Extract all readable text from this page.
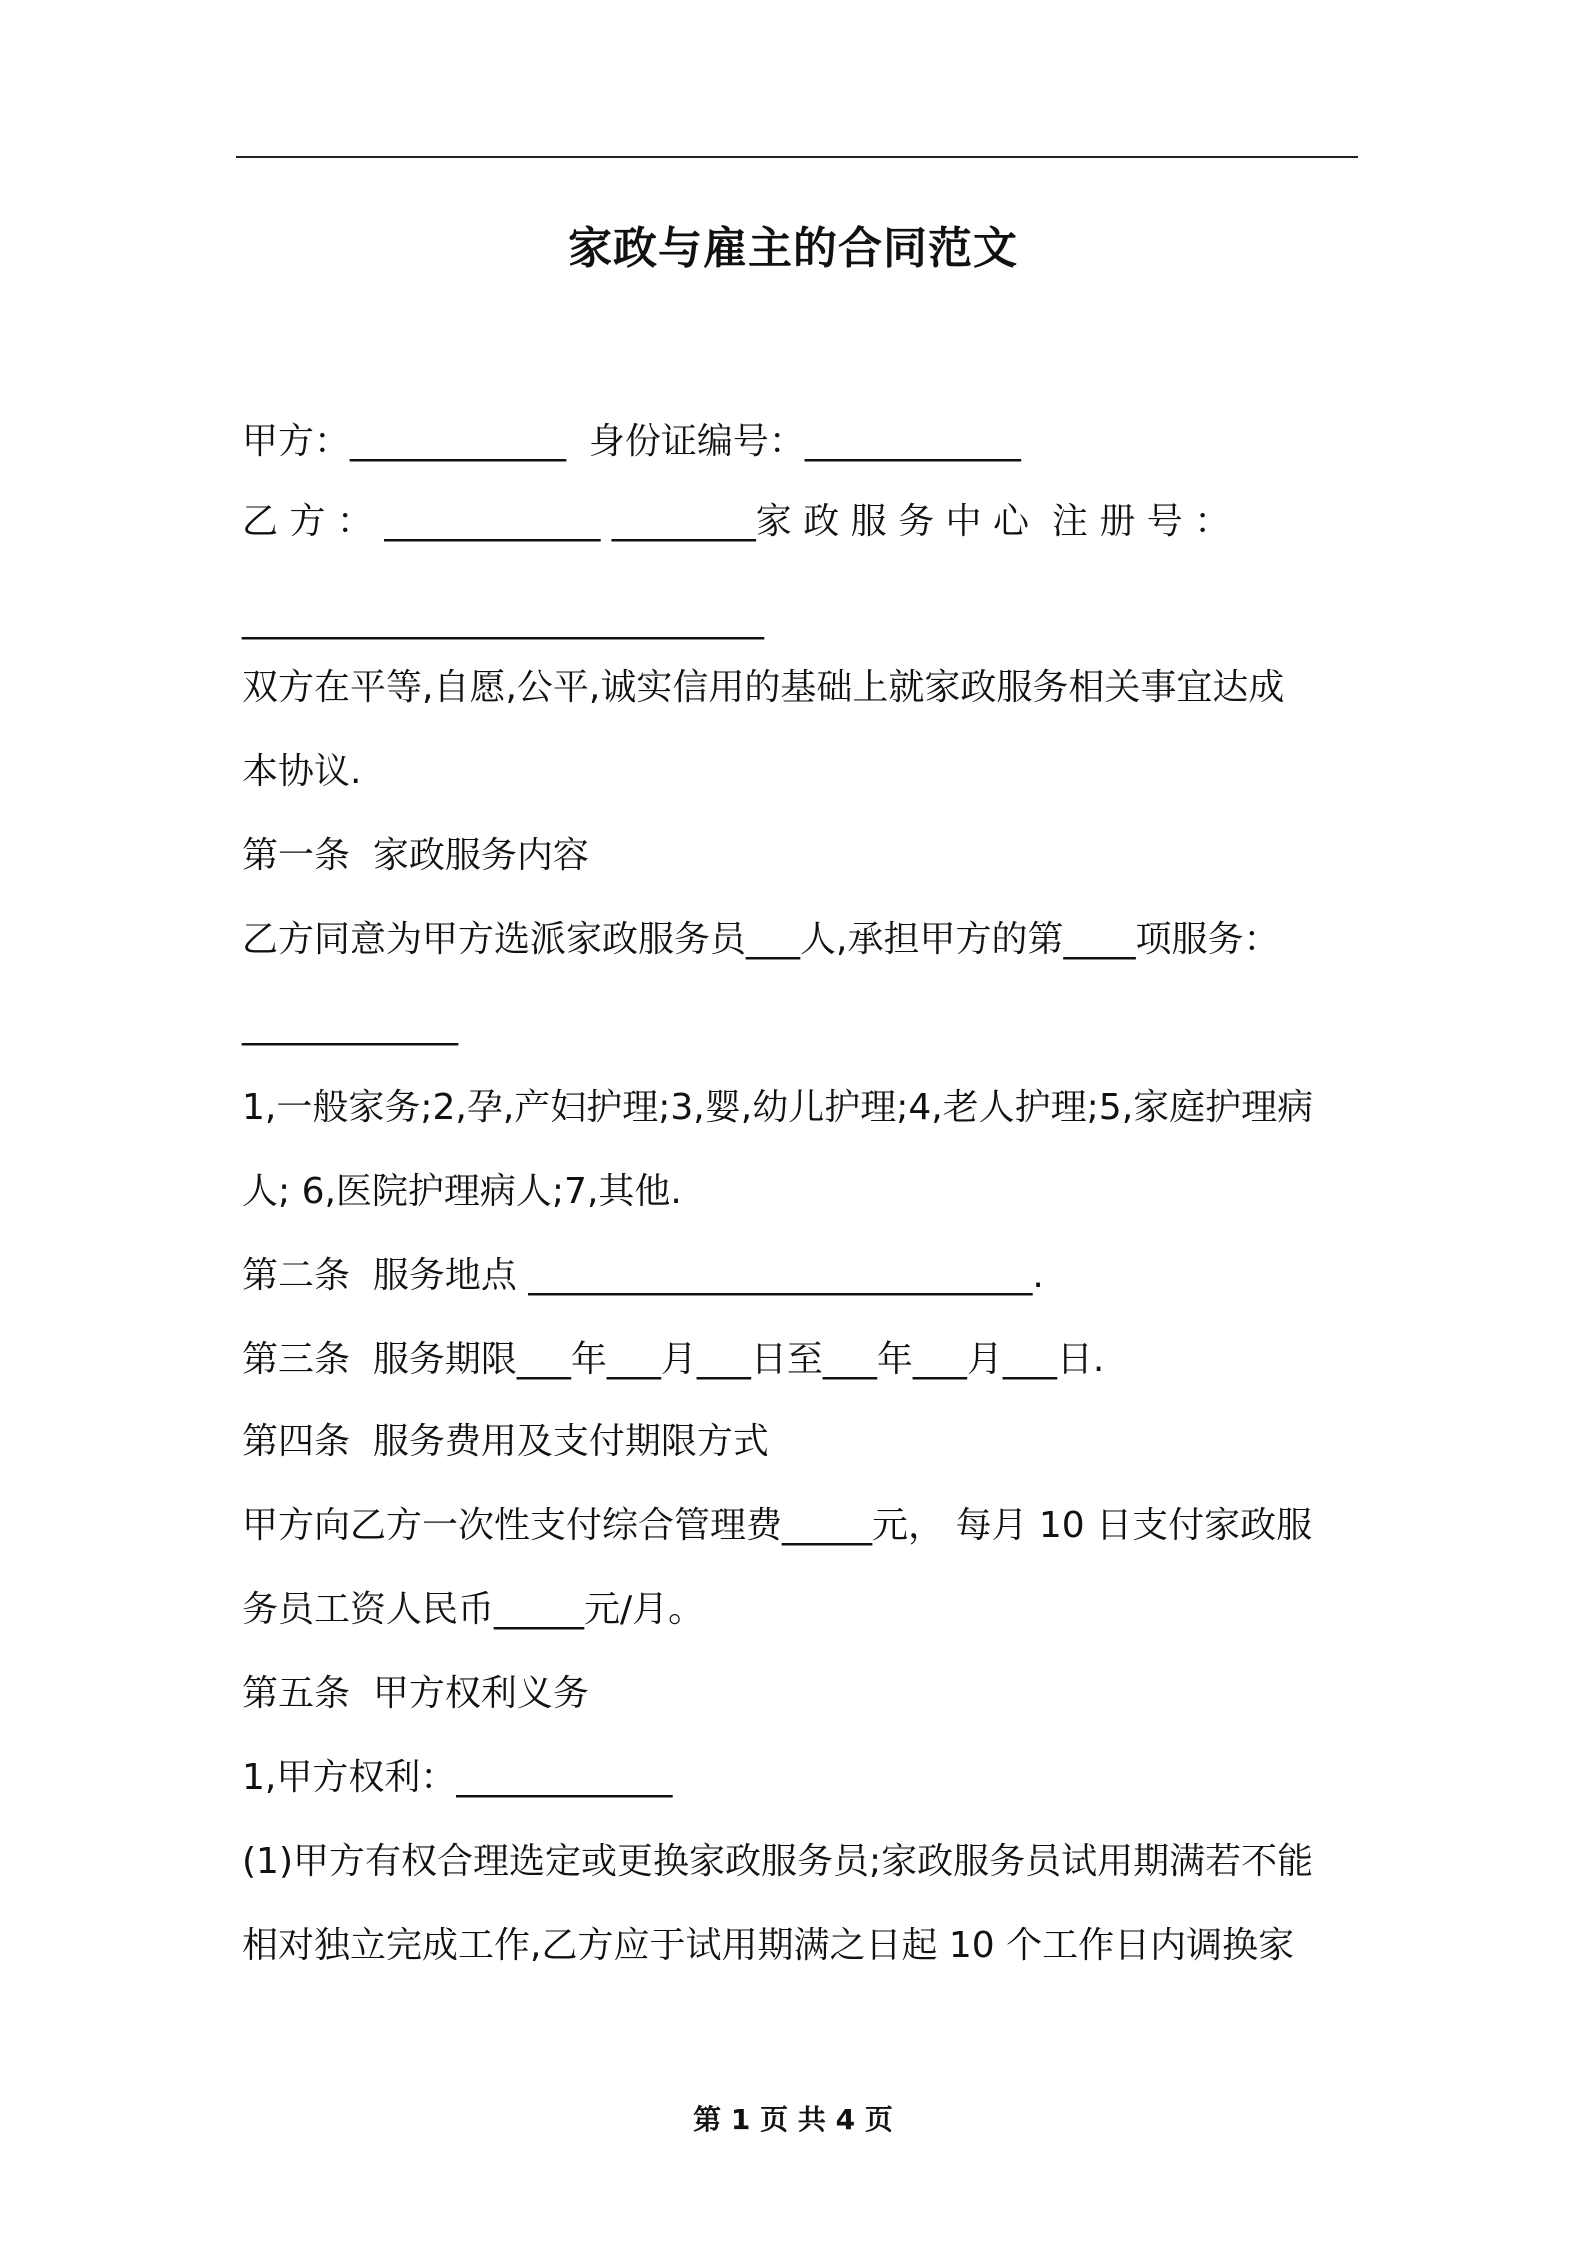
家政与雇主的合同范文
甲方：____________  身份证编号：____________
乙 方 ： ____________ ________家 政 服 务 中 心  注 册 号 ：
_____________________________
双方在平等,自愿,公平,诚实信用的基础上就家政服务相关事宜达成
本协议.
第一条  家政服务内容
乙方同意为甲方选派家政服务员___人,承担甲方的第____项服务：
____________
1,一般家务;2,孕,产妇护理;3,婴,幼儿护理;4,老人护理;5,家庭护理病
人; 6,医院护理病人;7,其他.
第二条  服务地点 ____________________________.
第三条  服务期限___年___月___日至___年___月___日.
第四条  服务费用及支付期限方式
甲方向乙方一次性支付综合管理费_____元， 每月 10 日支付家政服
务员工资人民币_____元/月。
第五条  甲方权利义务
1,甲方权利：____________
(1)甲方有权合理选定或更换家政服务员;家政服务员试用期满若不能
相对独立完成工作,乙方应于试用期满之日起 10 个工作日内调换家
第 1 页 共 4 页
